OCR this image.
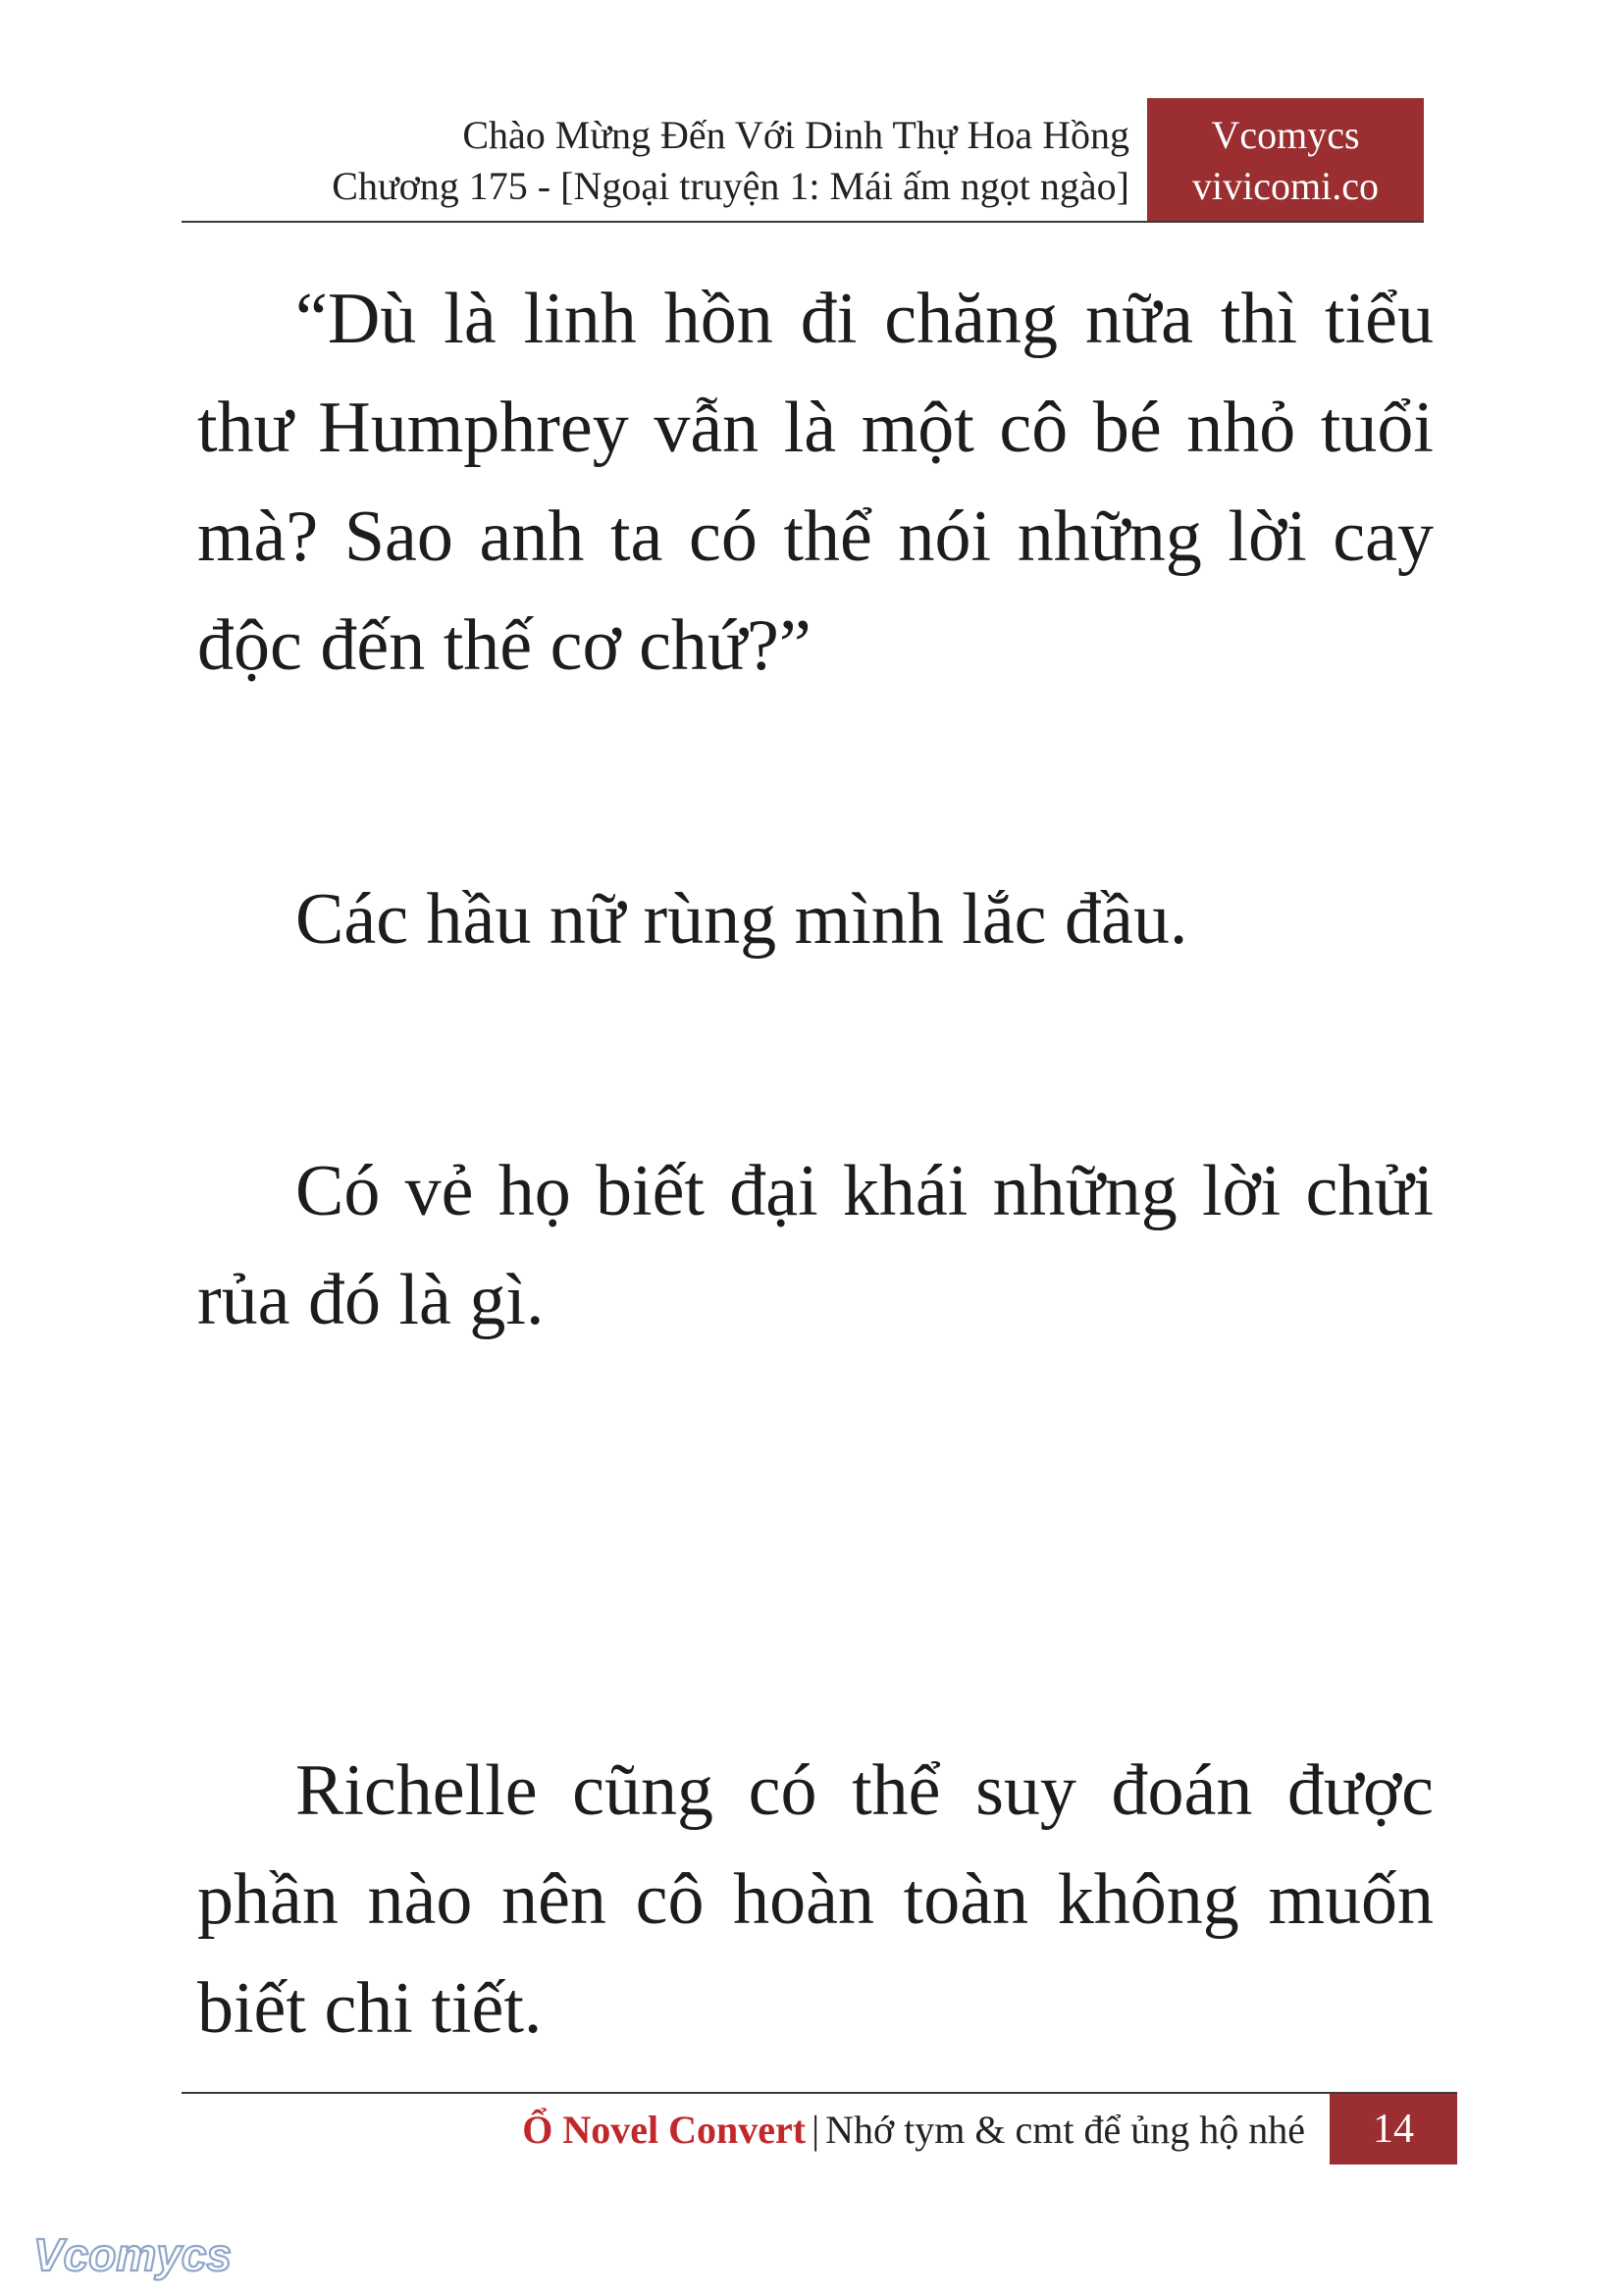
Chào Mừng Đến Với Dinh Thự Hoa Hồng
Chương 175 - [Ngoại truyện 1: Mái ấm ngọt ngào]
Vcomycs
vivicomi.co

“Dù là linh hồn đi chăng nữa thì tiểu thư Humphrey vẫn là một cô bé nhỏ tuổi mà? Sao anh ta có thể nói những lời cay độc đến thế cơ chứ?”

Các hầu nữ rùng mình lắc đầu.

Có vẻ họ biết đại khái những lời chửi rủa đó là gì.

Richelle cũng có thể suy đoán được phần nào nên cô hoàn toàn không muốn biết chi tiết.

Ổ Novel Convert | Nhớ tym & cmt để ủng hộ nhé	14
Vcomycs
